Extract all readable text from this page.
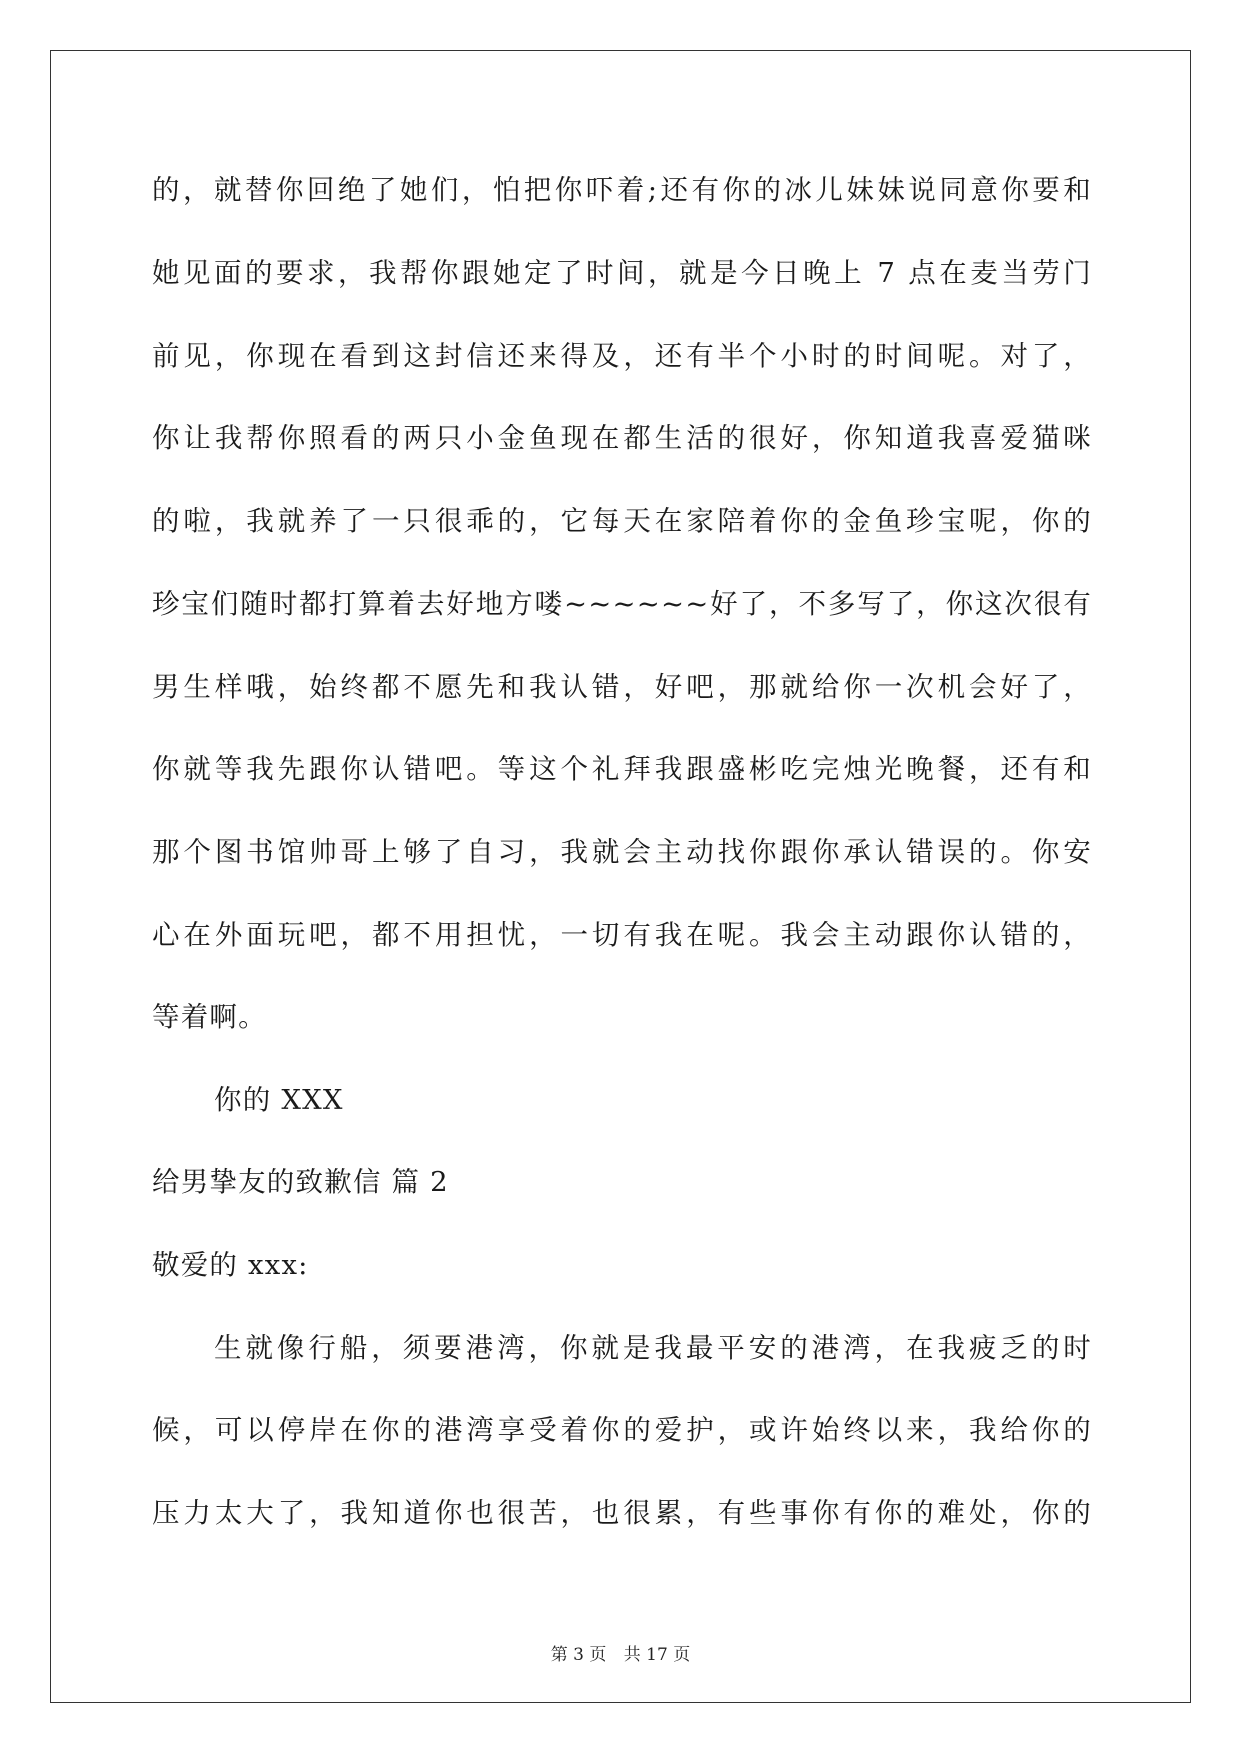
的，就替你回绝了她们，怕把你吓着;还有你的冰儿妹妹说同意你要和
她见面的要求，我帮你跟她定了时间，就是今日晚上 7 点在麦当劳门
前见，你现在看到这封信还来得及，还有半个小时的时间呢。对了，
你让我帮你照看的两只小金鱼现在都生活的很好，你知道我喜爱猫咪
的啦，我就养了一只很乖的，它每天在家陪着你的金鱼珍宝呢，你的
珍宝们随时都打算着去好地方喽~~~~~~好了，不多写了，你这次很有
男生样哦，始终都不愿先和我认错，好吧，那就给你一次机会好了，
你就等我先跟你认错吧。等这个礼拜我跟盛彬吃完烛光晚餐，还有和
那个图书馆帅哥上够了自习，我就会主动找你跟你承认错误的。你安
心在外面玩吧，都不用担忧，一切有我在呢。我会主动跟你认错的，
等着啊。
你的 XXX
给男挚友的致歉信 篇 2
敬爱的 xxx:
生就像行船，须要港湾，你就是我最平安的港湾，在我疲乏的时
候，可以停岸在你的港湾享受着你的爱护，或许始终以来，我给你的
压力太大了，我知道你也很苦，也很累，有些事你有你的难处，你的
第 3 页 共 17 页
